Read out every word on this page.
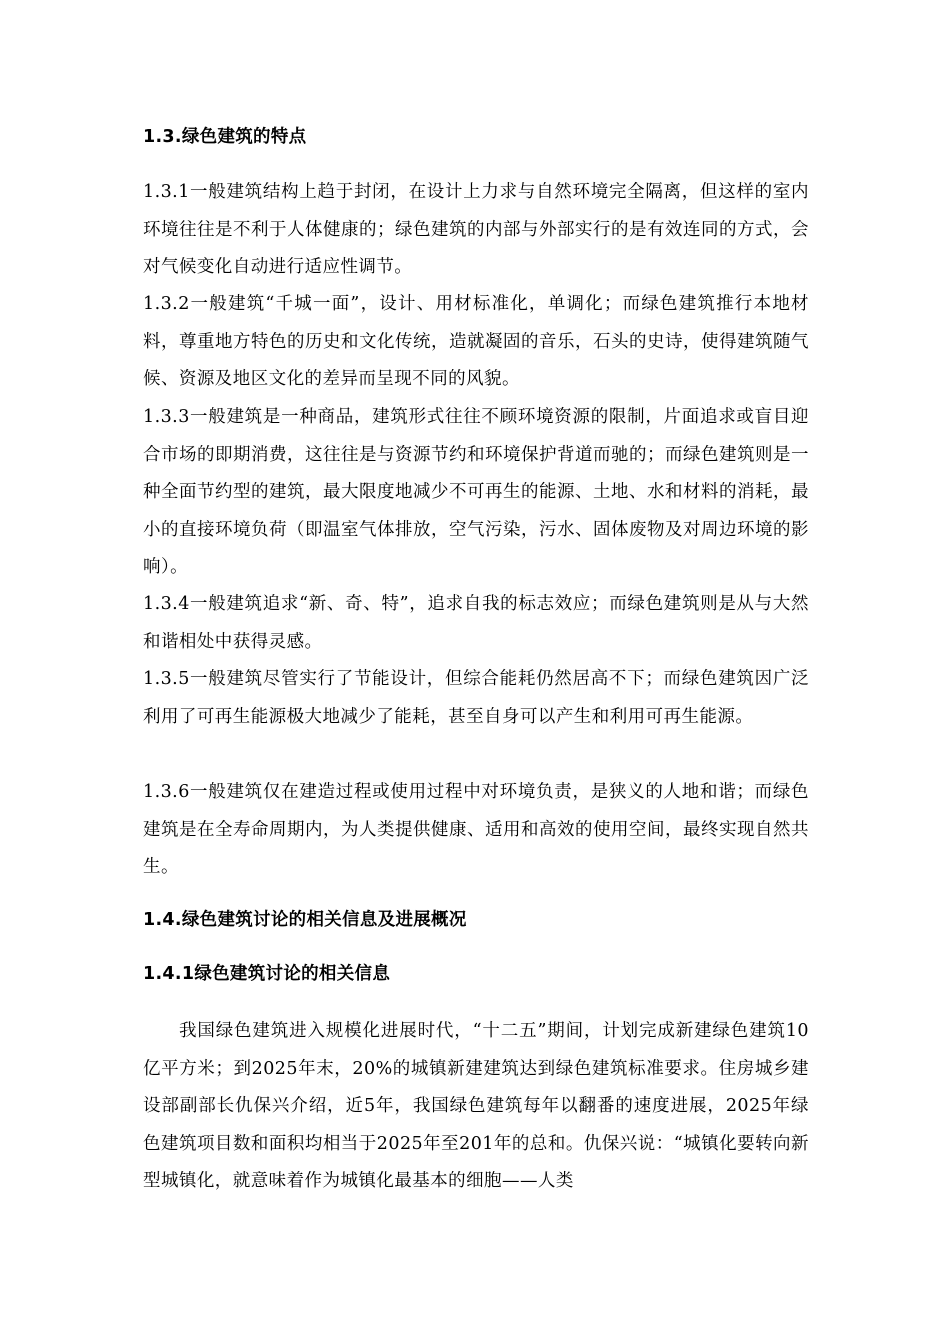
1.3.绿色建筑的特点
1.3.1一般建筑结构上趋于封闭，在设计上力求与自然环境完全隔离，但这样的室内环境往往是不利于人体健康的；绿色建筑的内部与外部实行的是有效连同的方式，会对气候变化自动进行适应性调节。
1.3.2一般建筑“千城一面”，设计、用材标准化，单调化；而绿色建筑推行本地材料，尊重地方特色的历史和文化传统，造就凝固的音乐，石头的史诗，使得建筑随气候、资源及地区文化的差异而呈现不同的风貌。
1.3.3一般建筑是一种商品，建筑形式往往不顾环境资源的限制，片面追求或盲目迎合市场的即期消费，这往往是与资源节约和环境保护背道而驰的；而绿色建筑则是一种全面节约型的建筑，最大限度地减少不可再生的能源、土地、水和材料的消耗，最小的直接环境负荷（即温室气体排放，空气污染，污水、固体废物及对周边环境的影响）。
1.3.4一般建筑追求“新、奇、特”，追求自我的标志效应；而绿色建筑则是从与大然和谐相处中获得灵感。
1.3.5一般建筑尽管实行了节能设计，但综合能耗仍然居高不下；而绿色建筑因广泛利用了可再生能源极大地减少了能耗，甚至自身可以产生和利用可再生能源。
1.3.6一般建筑仅在建造过程或使用过程中对环境负责，是狭义的人地和谐；而绿色建筑是在全寿命周期内，为人类提供健康、适用和高效的使用空间，最终实现自然共生。
1.4.绿色建筑讨论的相关信息及进展概况
1.4.1绿色建筑讨论的相关信息
我国绿色建筑进入规模化进展时代，“十二五”期间，计划完成新建绿色建筑10亿平方米；到2025年末，20%的城镇新建建筑达到绿色建筑标准要求。住房城乡建设部副部长仇保兴介绍，近5年，我国绿色建筑每年以翻番的速度进展，2025年绿色建筑项目数和面积均相当于2025年至201年的总和。仇保兴说：“城镇化要转向新型城镇化，就意味着作为城镇化最基本的细胞——人类
